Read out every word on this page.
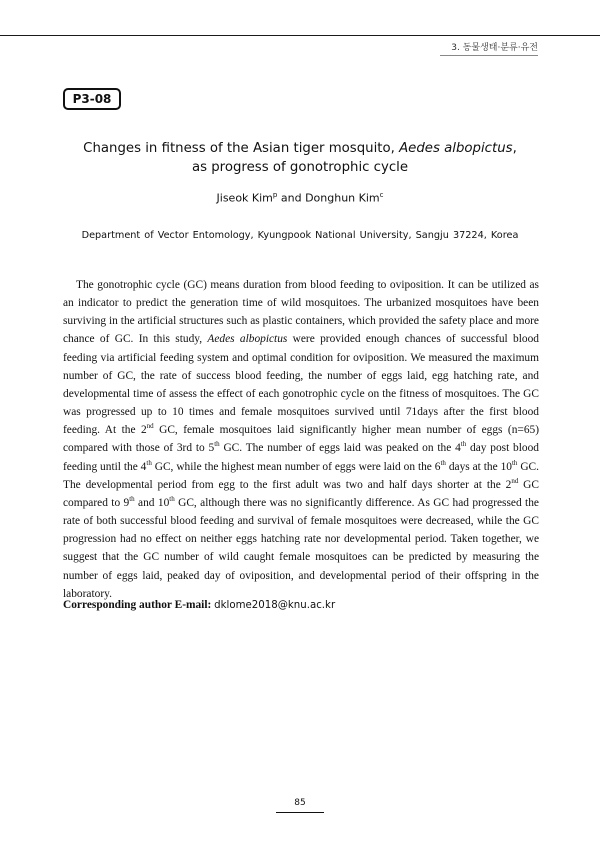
3. 동물생태·분류·유전
P3-08
Changes in fitness of the Asian tiger mosquito, Aedes albopictus,
as progress of gonotrophic cycle
Jiseok Kim$^p$ and Donghun Kim$^c$
Department of Vector Entomology, Kyungpook National University, Sangju 37224, Korea

The gonotrophic cycle (GC) means duration from blood feeding to oviposition. It can be utilized as an indicator to predict the generation time of wild mosquitoes. The urbanized mosquitoes have been surviving in the artificial structures such as plastic containers, which provided the safety place and more chance of GC. In this study, Aedes albopictus were provided enough chances of successful blood feeding via artificial feeding system and optimal condition for oviposition. We measured the maximum number of GC, the rate of success blood feeding, the number of eggs laid, egg hatching rate, and developmental time of assess the effect of each gonotrophic cycle on the fitness of mosquitoes. The GC was progressed up to 10 times and female mosquitoes survived until 71days after the first blood feeding. At the 2nd GC, female mosquitoes laid significantly higher mean number of eggs (n=65) compared with those of 3rd to 5th GC. The number of eggs laid was peaked on the 4th day post blood feeding until the 4th GC, while the highest mean number of eggs were laid on the 6th days at the 10th GC. The developmental period from egg to the first adult was two and half days shorter at the 2nd GC compared to 9th and 10th GC, although there was no significantly difference. As GC had progressed the rate of both successful blood feeding and survival of female mosquitoes were decreased, while the GC progression had no effect on neither eggs hatching rate nor developmental period. Taken together, we suggest that the GC number of wild caught female mosquitoes can be predicted by measuring the number of eggs laid, peaked day of oviposition, and developmental period of their offspring in the laboratory.

Corresponding author E-mail: dklome2018@knu.ac.kr
85
